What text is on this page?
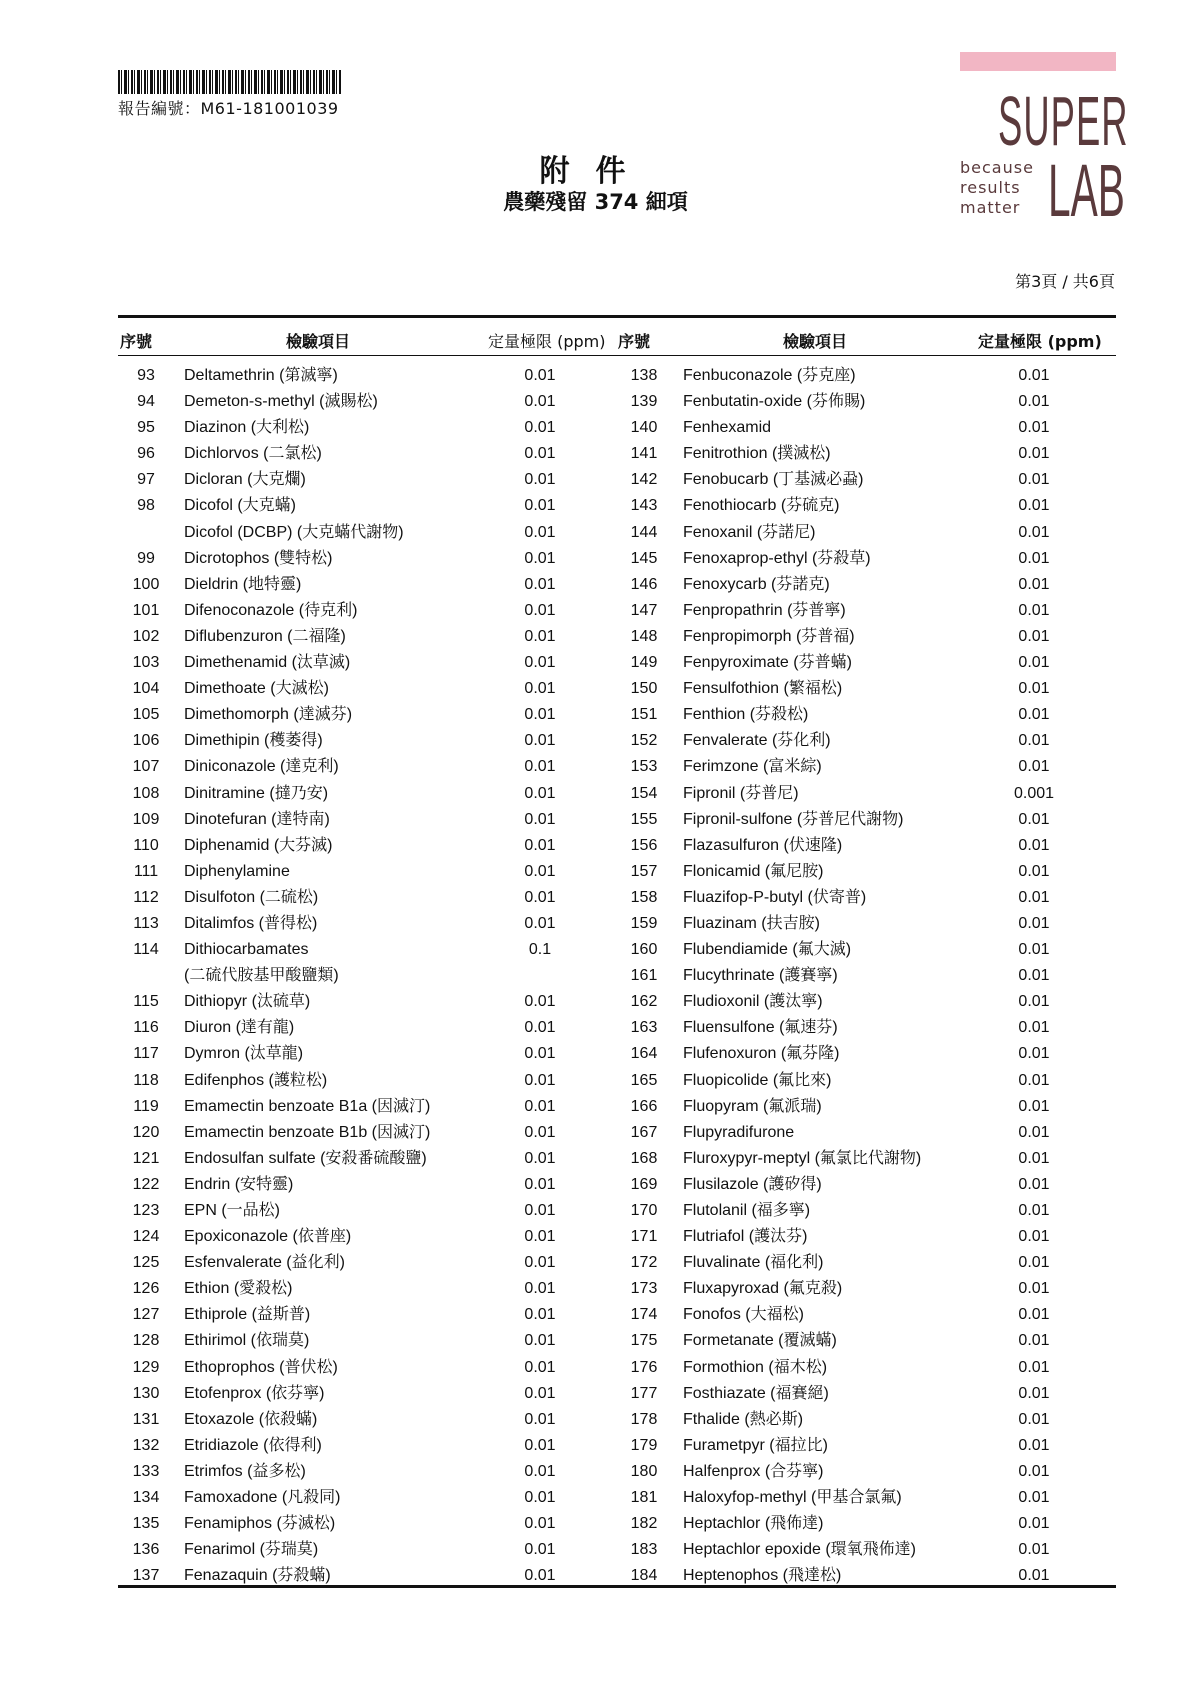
報告編號：M61-181001039
附件
農藥殘留 374 細項
SUPER
because
results
matter LAB
第3頁 / 共6頁
序號	檢驗項目	定量極限 (ppm) 序號	檢驗項目	定量極限 (ppm)
93	Deltamethrin (第滅寧)	0.01	138	Fenbuconazole (芬克座)	0.01
94	Demeton-s-methyl (滅賜松)	0.01	139	Fenbutatin-oxide (芬佈賜)	0.01
95	Diazinon (大利松)	0.01	140	Fenhexamid	0.01
96	Dichlorvos (二氯松)	0.01	141	Fenitrothion (撲滅松)	0.01
97	Dicloran (大克爛)	0.01	142	Fenobucarb (丁基滅必蝨)	0.01
98	Dicofol (大克蟎)	0.01	143	Fenothiocarb (芬硫克)	0.01
Dicofol (DCBP) (大克蟎代謝物)	0.01	144	Fenoxanil (芬諾尼)	0.01
99	Dicrotophos (雙特松)	0.01	145	Fenoxaprop-ethyl (芬殺草)	0.01
100	Dieldrin (地特靈)	0.01	146	Fenoxycarb (芬諾克)	0.01
101	Difenoconazole (待克利)	0.01	147	Fenpropathrin (芬普寧)	0.01
102	Diflubenzuron (二福隆)	0.01	148	Fenpropimorph (芬普福)	0.01
103	Dimethenamid (汰草滅)	0.01	149	Fenpyroximate (芬普蟎)	0.01
104	Dimethoate (大滅松)	0.01	150	Fensulfothion (繁福松)	0.01
105	Dimethomorph (達滅芬)	0.01	151	Fenthion (芬殺松)	0.01
106	Dimethipin (穫萎得)	0.01	152	Fenvalerate (芬化利)	0.01
107	Diniconazole (達克利)	0.01	153	Ferimzone (富米綜)	0.01
108	Dinitramine (撻乃安)	0.01	154	Fipronil (芬普尼)	0.001
109	Dinotefuran (達特南)	0.01	155	Fipronil-sulfone (芬普尼代謝物)	0.01
110	Diphenamid (大芬滅)	0.01	156	Flazasulfuron (伏速隆)	0.01
111	Diphenylamine	0.01	157	Flonicamid (氟尼胺)	0.01
112	Disulfoton (二硫松)	0.01	158	Fluazifop-P-butyl (伏寄普)	0.01
113	Ditalimfos (普得松)	0.01	159	Fluazinam (扶吉胺)	0.01
114	Dithiocarbamates	0.1	160	Flubendiamide (氟大滅)	0.01
(二硫代胺基甲酸鹽類)	161	Flucythrinate (護賽寧)	0.01
115	Dithiopyr (汰硫草)	0.01	162	Fludioxonil (護汰寧)	0.01
116	Diuron (達有龍)	0.01	163	Fluensulfone (氟速芬)	0.01
117	Dymron (汰草龍)	0.01	164	Flufenoxuron (氟芬隆)	0.01
118	Edifenphos (護粒松)	0.01	165	Fluopicolide (氟比來)	0.01
119	Emamectin benzoate B1a (因滅汀)	0.01	166	Fluopyram (氟派瑞)	0.01
120	Emamectin benzoate B1b (因滅汀)	0.01	167	Flupyradifurone	0.01
121	Endosulfan sulfate (安殺番硫酸鹽)	0.01	168	Fluroxypyr-meptyl (氟氯比代謝物)	0.01
122	Endrin (安特靈)	0.01	169	Flusilazole (護矽得)	0.01
123	EPN (一品松)	0.01	170	Flutolanil (福多寧)	0.01
124	Epoxiconazole (依普座)	0.01	171	Flutriafol (護汰芬)	0.01
125	Esfenvalerate (益化利)	0.01	172	Fluvalinate (福化利)	0.01
126	Ethion (愛殺松)	0.01	173	Fluxapyroxad (氟克殺)	0.01
127	Ethiprole (益斯普)	0.01	174	Fonofos (大福松)	0.01
128	Ethirimol (依瑞莫)	0.01	175	Formetanate (覆滅蟎)	0.01
129	Ethoprophos (普伏松)	0.01	176	Formothion (福木松)	0.01
130	Etofenprox (依芬寧)	0.01	177	Fosthiazate (福賽絕)	0.01
131	Etoxazole (依殺蟎)	0.01	178	Fthalide (熱必斯)	0.01
132	Etridiazole (依得利)	0.01	179	Furametpyr (福拉比)	0.01
133	Etrimfos (益多松)	0.01	180	Halfenprox (合芬寧)	0.01
134	Famoxadone (凡殺同)	0.01	181	Haloxyfop-methyl (甲基合氯氟)	0.01
135	Fenamiphos (芬滅松)	0.01	182	Heptachlor (飛佈達)	0.01
136	Fenarimol (芬瑞莫)	0.01	183	Heptachlor epoxide (環氧飛佈達)	0.01
137	Fenazaquin (芬殺蟎)	0.01	184	Heptenophos (飛達松)	0.01
